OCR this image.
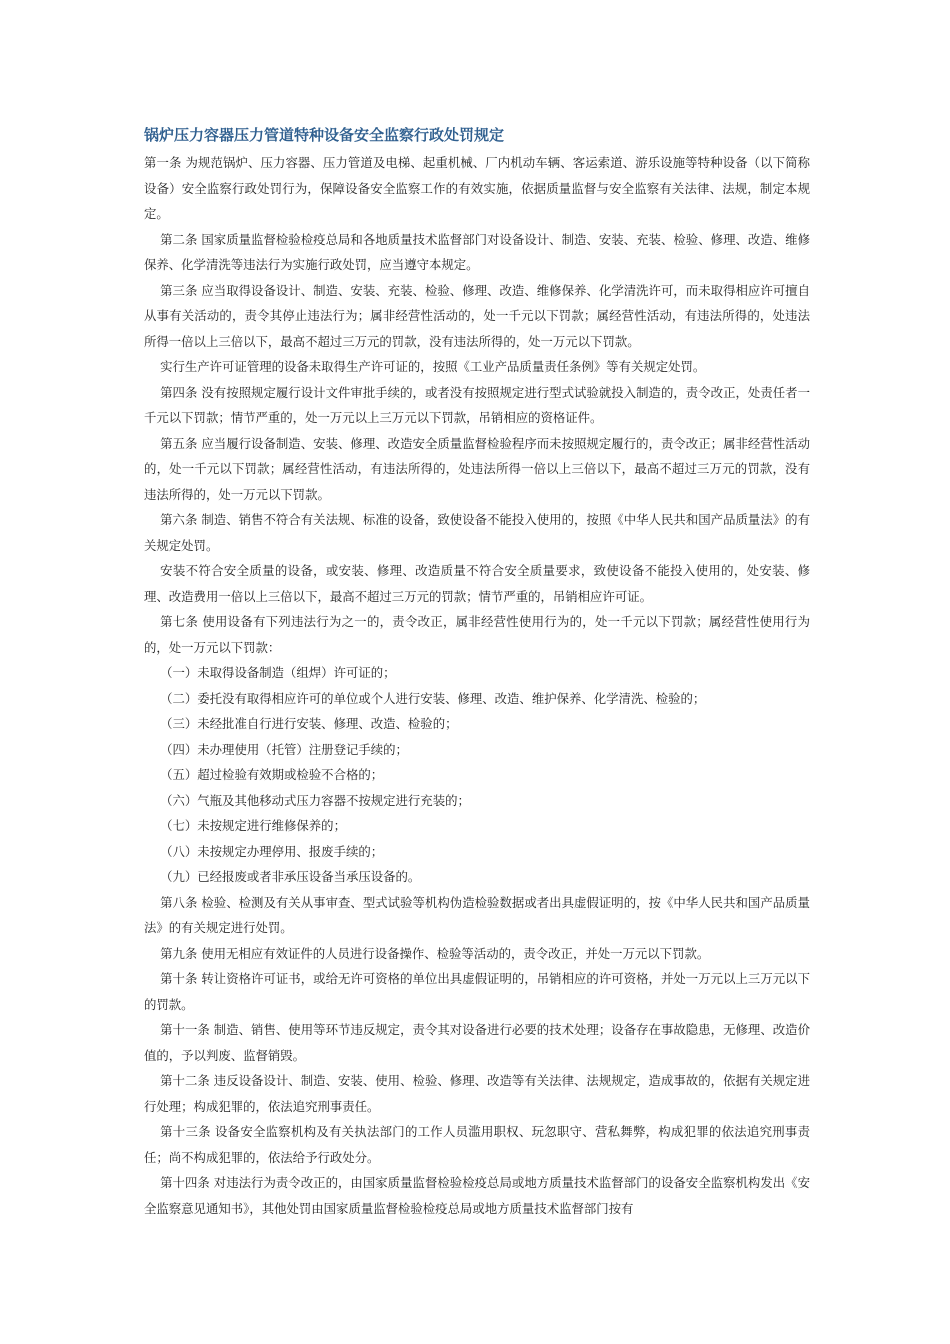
锅炉压力容器压力管道特种设备安全监察行政处罚规定

第一条 为规范锅炉、压力容器、压力管道及电梯、起重机械、厂内机动车辆、客运索道、游乐设施等特种设备（以下简称设备）安全监察行政处罚行为，保障设备安全监察工作的有效实施，依据质量监督与安全监察有关法律、法规，制定本规定。

第二条 国家质量监督检验检疫总局和各地质量技术监督部门对设备设计、制造、安装、充装、检验、修理、改造、维修保养、化学清洗等违法行为实施行政处罚，应当遵守本规定。

第三条 应当取得设备设计、制造、安装、充装、检验、修理、改造、维修保养、化学清洗许可，而未取得相应许可擅自从事有关活动的，责令其停止违法行为；属非经营性活动的，处一千元以下罚款；属经营性活动，有违法所得的，处违法所得一倍以上三倍以下，最高不超过三万元的罚款，没有违法所得的，处一万元以下罚款。

实行生产许可证管理的设备未取得生产许可证的，按照《工业产品质量责任条例》等有关规定处罚。

第四条 没有按照规定履行设计文件审批手续的，或者没有按照规定进行型式试验就投入制造的，责令改正，处责任者一千元以下罚款；情节严重的，处一万元以上三万元以下罚款，吊销相应的资格证件。

第五条 应当履行设备制造、安装、修理、改造安全质量监督检验程序而未按照规定履行的，责令改正；属非经营性活动的，处一千元以下罚款；属经营性活动，有违法所得的，处违法所得一倍以上三倍以下，最高不超过三万元的罚款，没有违法所得的，处一万元以下罚款。

第六条 制造、销售不符合有关法规、标准的设备，致使设备不能投入使用的，按照《中华人民共和国产品质量法》的有关规定处罚。

安装不符合安全质量的设备，或安装、修理、改造质量不符合安全质量要求，致使设备不能投入使用的，处安装、修理、改造费用一倍以上三倍以下，最高不超过三万元的罚款；情节严重的，吊销相应许可证。

第七条 使用设备有下列违法行为之一的，责令改正，属非经营性使用行为的，处一千元以下罚款；属经营性使用行为的，处一万元以下罚款：

（一）未取得设备制造（组焊）许可证的；

（二）委托没有取得相应许可的单位或个人进行安装、修理、改造、维护保养、化学清洗、检验的；

（三）未经批准自行进行安装、修理、改造、检验的；

（四）未办理使用（托管）注册登记手续的；

（五）超过检验有效期或检验不合格的；

（六）气瓶及其他移动式压力容器不按规定进行充装的；

（七）未按规定进行维修保养的；

（八）未按规定办理停用、报废手续的；

（九）已经报废或者非承压设备当承压设备的。

第八条 检验、检测及有关从事审查、型式试验等机构伪造检验数据或者出具虚假证明的，按《中华人民共和国产品质量法》的有关规定进行处罚。

第九条 使用无相应有效证件的人员进行设备操作、检验等活动的，责令改正，并处一万元以下罚款。

第十条 转让资格许可证书，或给无许可资格的单位出具虚假证明的，吊销相应的许可资格，并处一万元以上三万元以下的罚款。

第十一条 制造、销售、使用等环节违反规定，责令其对设备进行必要的技术处理；设备存在事故隐患，无修理、改造价值的，予以判废、监督销毁。

第十二条 违反设备设计、制造、安装、使用、检验、修理、改造等有关法律、法规规定，造成事故的，依据有关规定进行处理；构成犯罪的，依法追究刑事责任。

第十三条 设备安全监察机构及有关执法部门的工作人员滥用职权、玩忽职守、营私舞弊，构成犯罪的依法追究刑事责任；尚不构成犯罪的，依法给予行政处分。

第十四条 对违法行为责令改正的，由国家质量监督检验检疫总局或地方质量技术监督部门的设备安全监察机构发出《安全监察意见通知书》，其他处罚由国家质量监督检验检疫总局或地方质量技术监督部门按有
